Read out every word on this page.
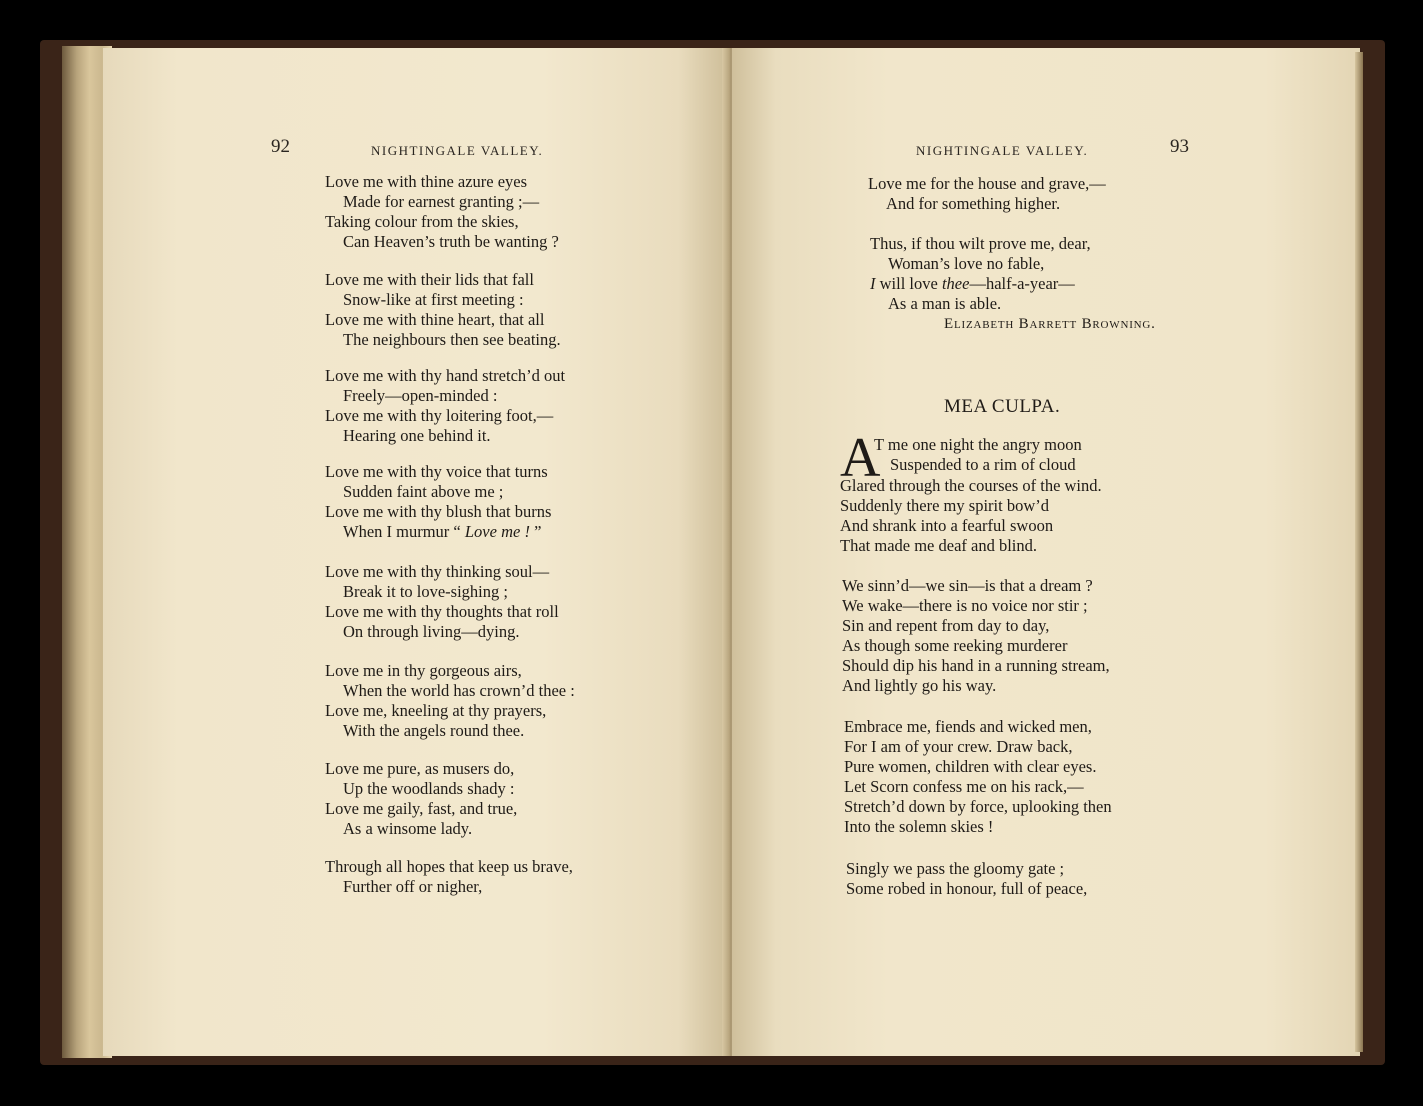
92	NIGHTINGALE VALLEY.
Love me with thine azure eyes
Made for earnest granting ;—
Taking colour from the skies,
Can Heaven’s truth be wanting ?
Love me with their lids that fall
Snow-like at first meeting :
Love me with thine heart, that all
The neighbours then see beating.
Love me with thy hand stretch’d out
Freely—open-minded :
Love me with thy loitering foot,—
Hearing one behind it.
Love me with thy voice that turns
Sudden faint above me ;
Love me with thy blush that burns
When I murmur “ Love me ! ”
Love me with thy thinking soul—
Break it to love-sighing ;
Love me with thy thoughts that roll
On through living—dying.
Love me in thy gorgeous airs,
When the world has crown’d thee :
Love me, kneeling at thy prayers,
With the angels round thee.
Love me pure, as musers do,
Up the woodlands shady :
Love me gaily, fast, and true,
As a winsome lady.
Through all hopes that keep us brave,
Further off or nigher,
NIGHTINGALE VALLEY.	93
Love me for the house and grave,—
And for something higher.
Thus, if thou wilt prove me, dear,
Woman’s love no fable,
I will love thee—half-a-year—
As a man is able.
Elizabeth Barrett Browning.
MEA CULPA.
A
T me one night the angry moon
Suspended to a rim of cloud
Glared through the courses of the wind.
Suddenly there my spirit bow’d
And shrank into a fearful swoon
That made me deaf and blind.
We sinn’d—we sin—is that a dream ?
We wake—there is no voice nor stir ;
Sin and repent from day to day,
As though some reeking murderer
Should dip his hand in a running stream,
And lightly go his way.
Embrace me, fiends and wicked men,
For I am of your crew. Draw back,
Pure women, children with clear eyes.
Let Scorn confess me on his rack,—
Stretch’d down by force, uplooking then
Into the solemn skies !
Singly we pass the gloomy gate ;
Some robed in honour, full of peace,
